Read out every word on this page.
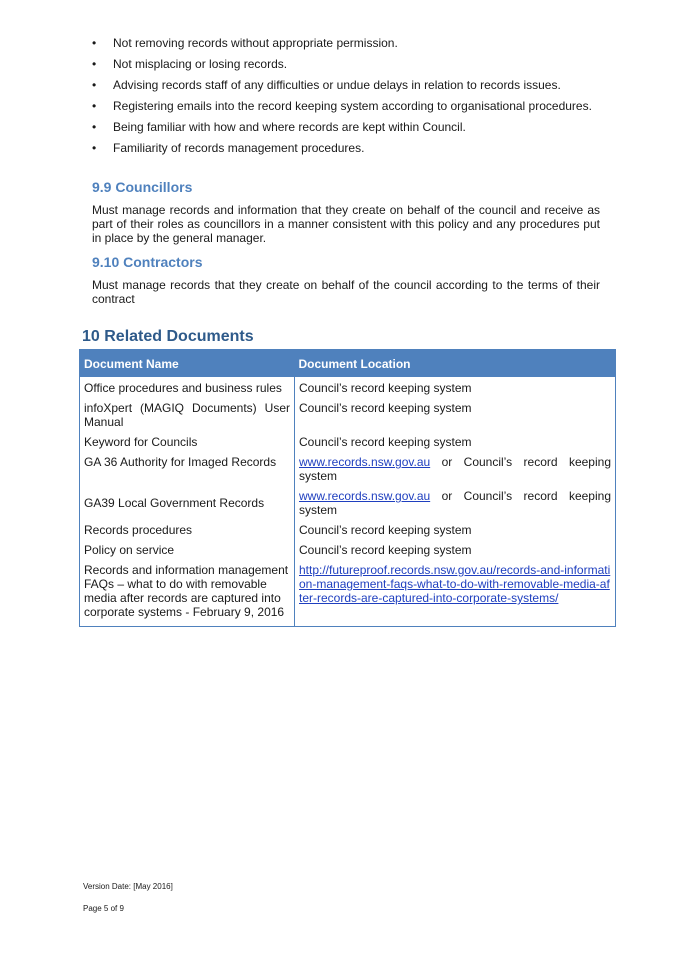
• Not removing records without appropriate permission.
• Not misplacing or losing records.
• Advising records staff of any difficulties or undue delays in relation to records issues.
• Registering emails into the record keeping system according to organisational procedures.
• Being familiar with how and where records are kept within Council.
• Familiarity of records management procedures.
9.9 Councillors
Must manage records and information that they create on behalf of the council and receive as part of their roles as councillors in a manner consistent with this policy and any procedures put in place by the general manager.
9.10 Contractors
Must manage records that they create on behalf of the council according to the terms of their contract
10 Related Documents
Document Name	Document Location
Office procedures and business rules	Council’s record keeping system
infoXpert (MAGIQ Documents) User Manual	Council’s record keeping system
Keyword for Councils	Council’s record keeping system
GA 36 Authority for Imaged Records	www.records.nsw.gov.au or Council’s record keeping system
GA39 Local Government Records	www.records.nsw.gov.au or Council’s record keeping system
Records procedures	Council’s record keeping system
Policy on service	Council’s record keeping system
Records and information management FAQs – what to do with removable media after records are captured into corporate systems - February 9, 2016	http://futureproof.records.nsw.gov.au/records-and-information-management-faqs-what-to-do-with-removable-media-after-records-are-captured-into-corporate-systems/
Version Date: [May 2016]
Page 5 of 9
